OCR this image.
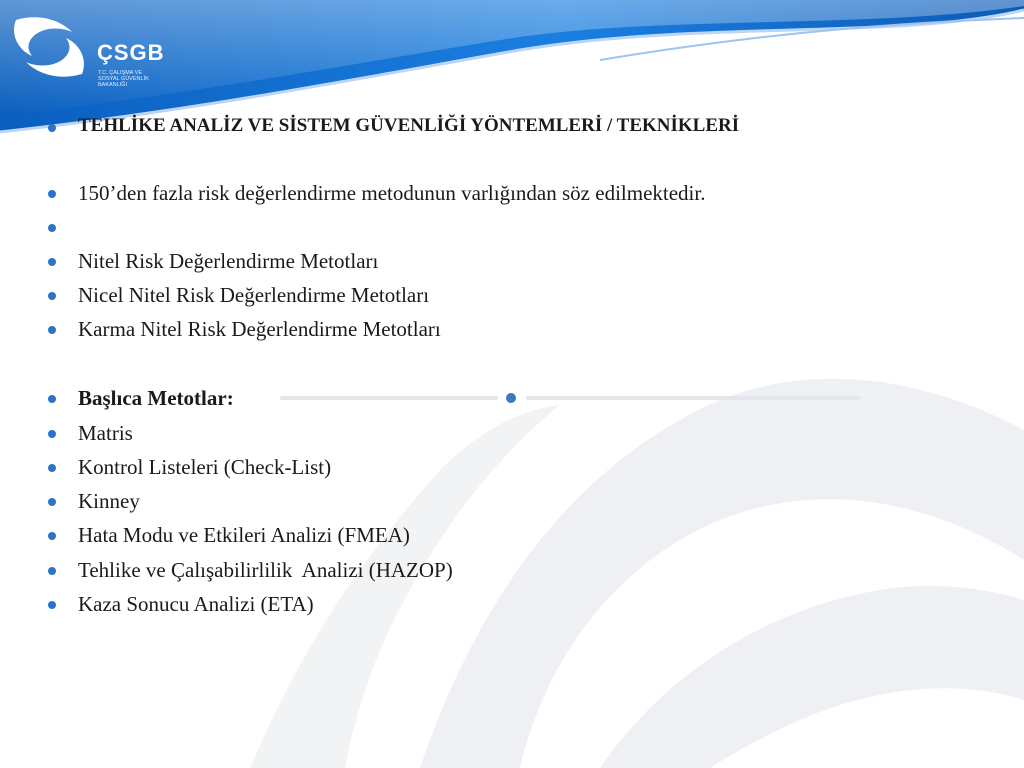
ÇSGB
T.C. ÇALIŞMA VE
SOSYAL GÜVENLİK
BAKANLIĞI
TEHLİKE ANALİZ VE SİSTEM GÜVENLİĞİ YÖNTEMLERİ / TEKNİKLERİ
150’den fazla risk değerlendirme metodunun varlığından söz edilmektedir.
Nitel Risk Değerlendirme Metotları
Nicel Nitel Risk Değerlendirme Metotları
Karma Nitel Risk Değerlendirme Metotları
Başlıca Metotlar:
Matris
Kontrol Listeleri (Check-List)
Kinney
Hata Modu ve Etkileri Analizi (FMEA)
Tehlike ve Çalışabilirlilik  Analizi (HAZOP)
Kaza Sonucu Analizi (ETA)
